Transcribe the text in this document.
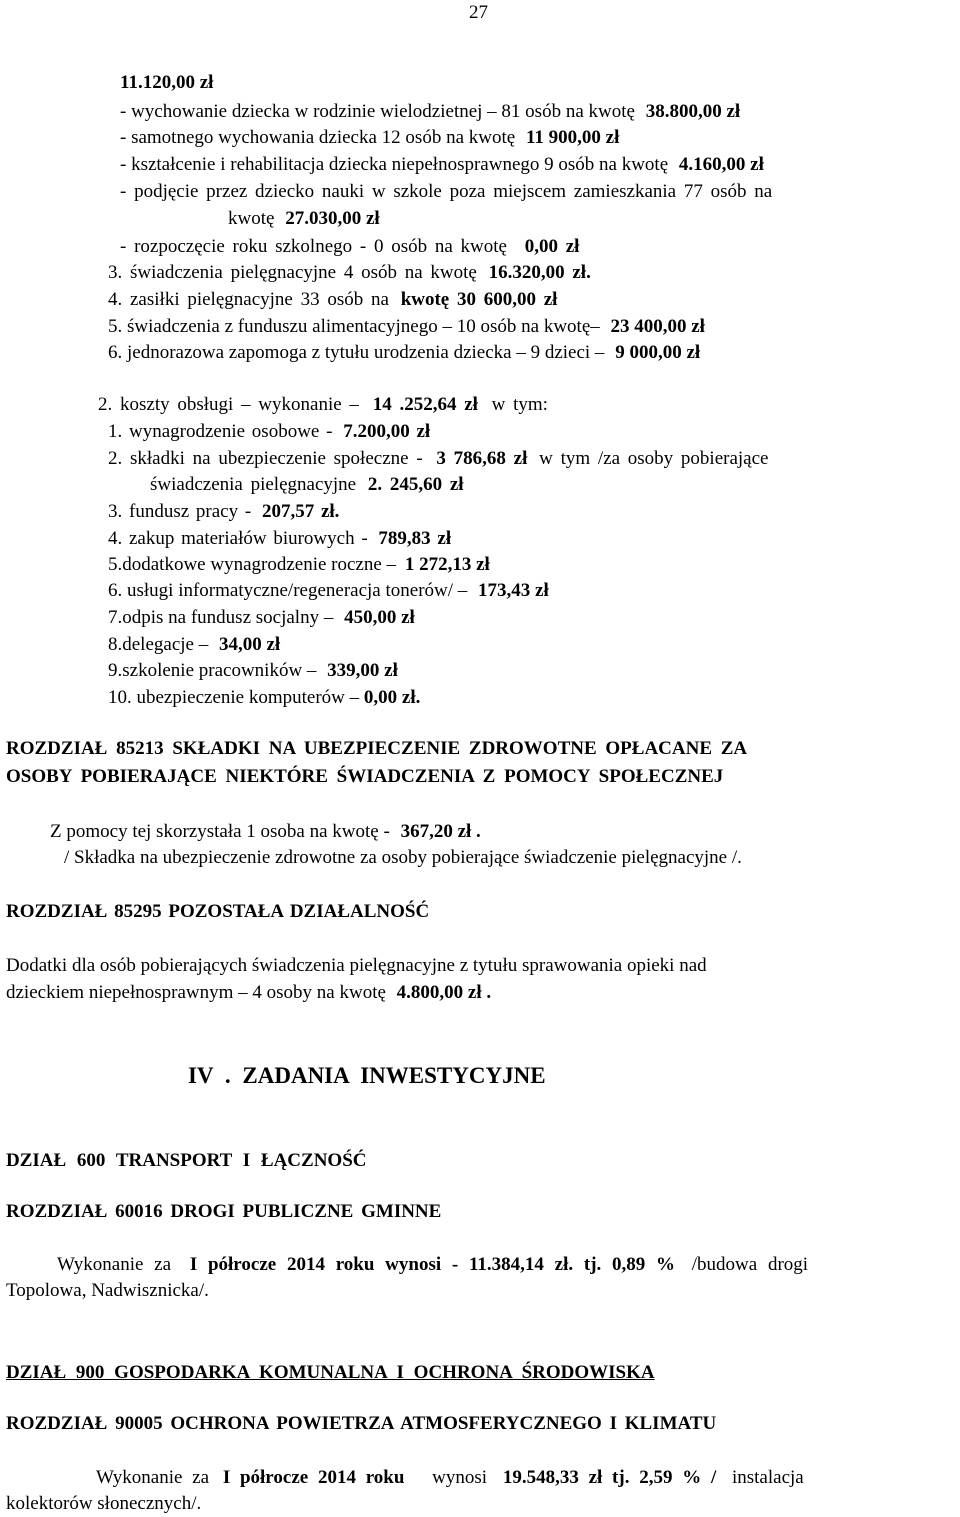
27
11.120,00 zł
- wychowanie dziecka w rodzinie wielodzietnej – 81 osób na kwotę 38.800,00 zł
- samotnego wychowania dziecka 12 osób na kwotę 11 900,00 zł
- kształcenie i rehabilitacja dziecka niepełnosprawnego 9 osób na kwotę 4.160,00 zł
- podjęcie przez dziecko nauki w szkole poza miejscem zamieszkania 77 osób na
kwotę 27.030,00 zł
- rozpoczęcie roku szkolnego - 0 osób na kwotę 0,00 zł
3. świadczenia pielęgnacyjne 4 osób na kwotę 16.320,00 zł.
4. zasiłki pielęgnacyjne 33 osób na kwotę 30 600,00 zł
5. świadczenia z funduszu alimentacyjnego – 10 osób na kwotę– 23 400,00 zł
6. jednorazowa zapomoga z tytułu urodzenia dziecka – 9 dzieci – 9 000,00 zł
2. koszty obsługi – wykonanie – 14 .252,64 zł w tym:
1. wynagrodzenie osobowe - 7.200,00 zł
2. składki na ubezpieczenie społeczne - 3 786,68 zł w tym /za osoby pobierające
świadczenia pielęgnacyjne 2. 245,60 zł
3. fundusz pracy - 207,57 zł.
4. zakup materiałów biurowych - 789,83 zł
5.dodatkowe wynagrodzenie roczne – 1 272,13 zł
6. usługi informatyczne/regeneracja tonerów/ – 173,43 zł
7.odpis na fundusz socjalny – 450,00 zł
8.delegacje – 34,00 zł
9.szkolenie pracowników – 339,00 zł
10. ubezpieczenie komputerów – 0,00 zł.
ROZDZIAŁ 85213 SKŁADKI NA UBEZPIECZENIE ZDROWOTNE OPŁACANE ZA
OSOBY POBIERAJĄCE NIEKTÓRE ŚWIADCZENIA Z POMOCY SPOŁECZNEJ
Z pomocy tej skorzystała 1 osoba na kwotę - 367,20 zł .
/ Składka na ubezpieczenie zdrowotne za osoby pobierające świadczenie pielęgnacyjne /.
ROZDZIAŁ 85295 POZOSTAŁA DZIAŁALNOŚĆ
Dodatki dla osób pobierających świadczenia pielęgnacyjne z tytułu sprawowania opieki nad
dzieckiem niepełnosprawnym – 4 osoby na kwotę 4.800,00 zł .
IV . ZADANIA INWESTYCYJNE
DZIAŁ 600 TRANSPORT I ŁĄCZNOŚĆ
ROZDZIAŁ 60016 DROGI PUBLICZNE GMINNE
Wykonanie za I półrocze 2014 roku wynosi - 11.384,14 zł. tj. 0,89 % /budowa drogi
Topolowa, Nadwisznicka/.
DZIAŁ 900 GOSPODARKA KOMUNALNA I OCHRONA ŚRODOWISKA
ROZDZIAŁ 90005 OCHRONA POWIETRZA ATMOSFERYCZNEGO I KLIMATU
Wykonanie za I półrocze 2014 roku wynosi 19.548,33 zł tj. 2,59 % / instalacja
kolektorów słonecznych/.
